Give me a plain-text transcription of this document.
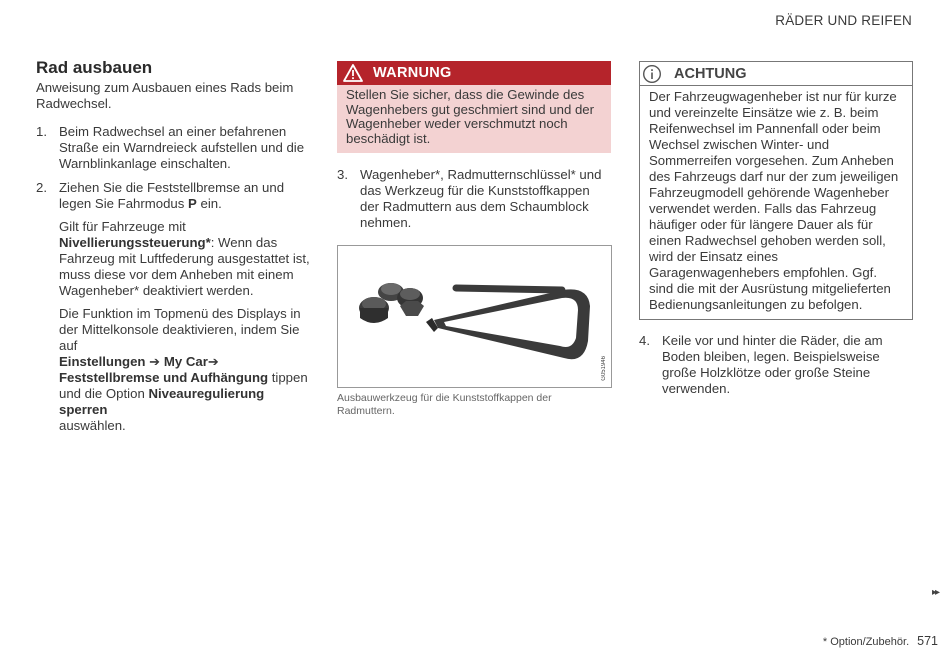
RÄDER UND REIFEN
Rad ausbauen

Anweisung zum Ausbauen eines Rads beim Radwechsel.

1. Beim Radwechsel an einer befahrenen Straße ein Warndreieck aufstellen und die Warnblinkanlage einschalten.
2. Ziehen Sie die Feststellbremse an und legen Sie Fahrmodus P ein.

Gilt für Fahrzeuge mit
Nivellierungssteuerung*: Wenn das Fahrzeug mit Luftfederung ausgestattet ist, muss diese vor dem Anheben mit einem Wagenheber* deaktiviert werden.

Die Funktion im Topmenü des Displays in der Mittelkonsole deaktivieren, indem Sie auf
Einstellungen ➔ My Car➔
Feststellbremse und Aufhängung tippen und die Option Niveauregulierung sperren
auswählen.

WARNUNG
Stellen Sie sicher, dass die Gewinde des Wagenhebers gut geschmiert sind und der Wagenheber weder verschmutzt noch beschädigt ist.
3. Wagenheber*, Radmutternschlüssel* und das Werkzeug für die Kunststoffkappen der Radmuttern aus dem Schaumblock nehmen.
G051946
Ausbauwerkzeug für die Kunststoffkappen der Radmuttern.
ACHTUNG
Der Fahrzeugwagenheber ist nur für kurze und vereinzelte Einsätze wie z. B. beim Reifenwechsel im Pannenfall oder beim Wechsel zwischen Winter- und Sommerreifen vorgesehen. Zum Anheben des Fahrzeugs darf nur der zum jeweiligen Fahrzeugmodell gehörende Wagenheber verwendet werden. Falls das Fahrzeug häufiger oder für längere Dauer als für einen Radwechsel gehoben werden soll, wird der Einsatz eines Garagenwagenhebers empfohlen. Ggf. sind die mit der Ausrüstung mitgelieferten Bedienungsanleitungen zu befolgen.
4. Keile vor und hinter die Räder, die am Boden bleiben, legen. Beispielsweise große Holzklötze oder große Steine verwenden.
▸▸
* Option/Zubehör. 571
